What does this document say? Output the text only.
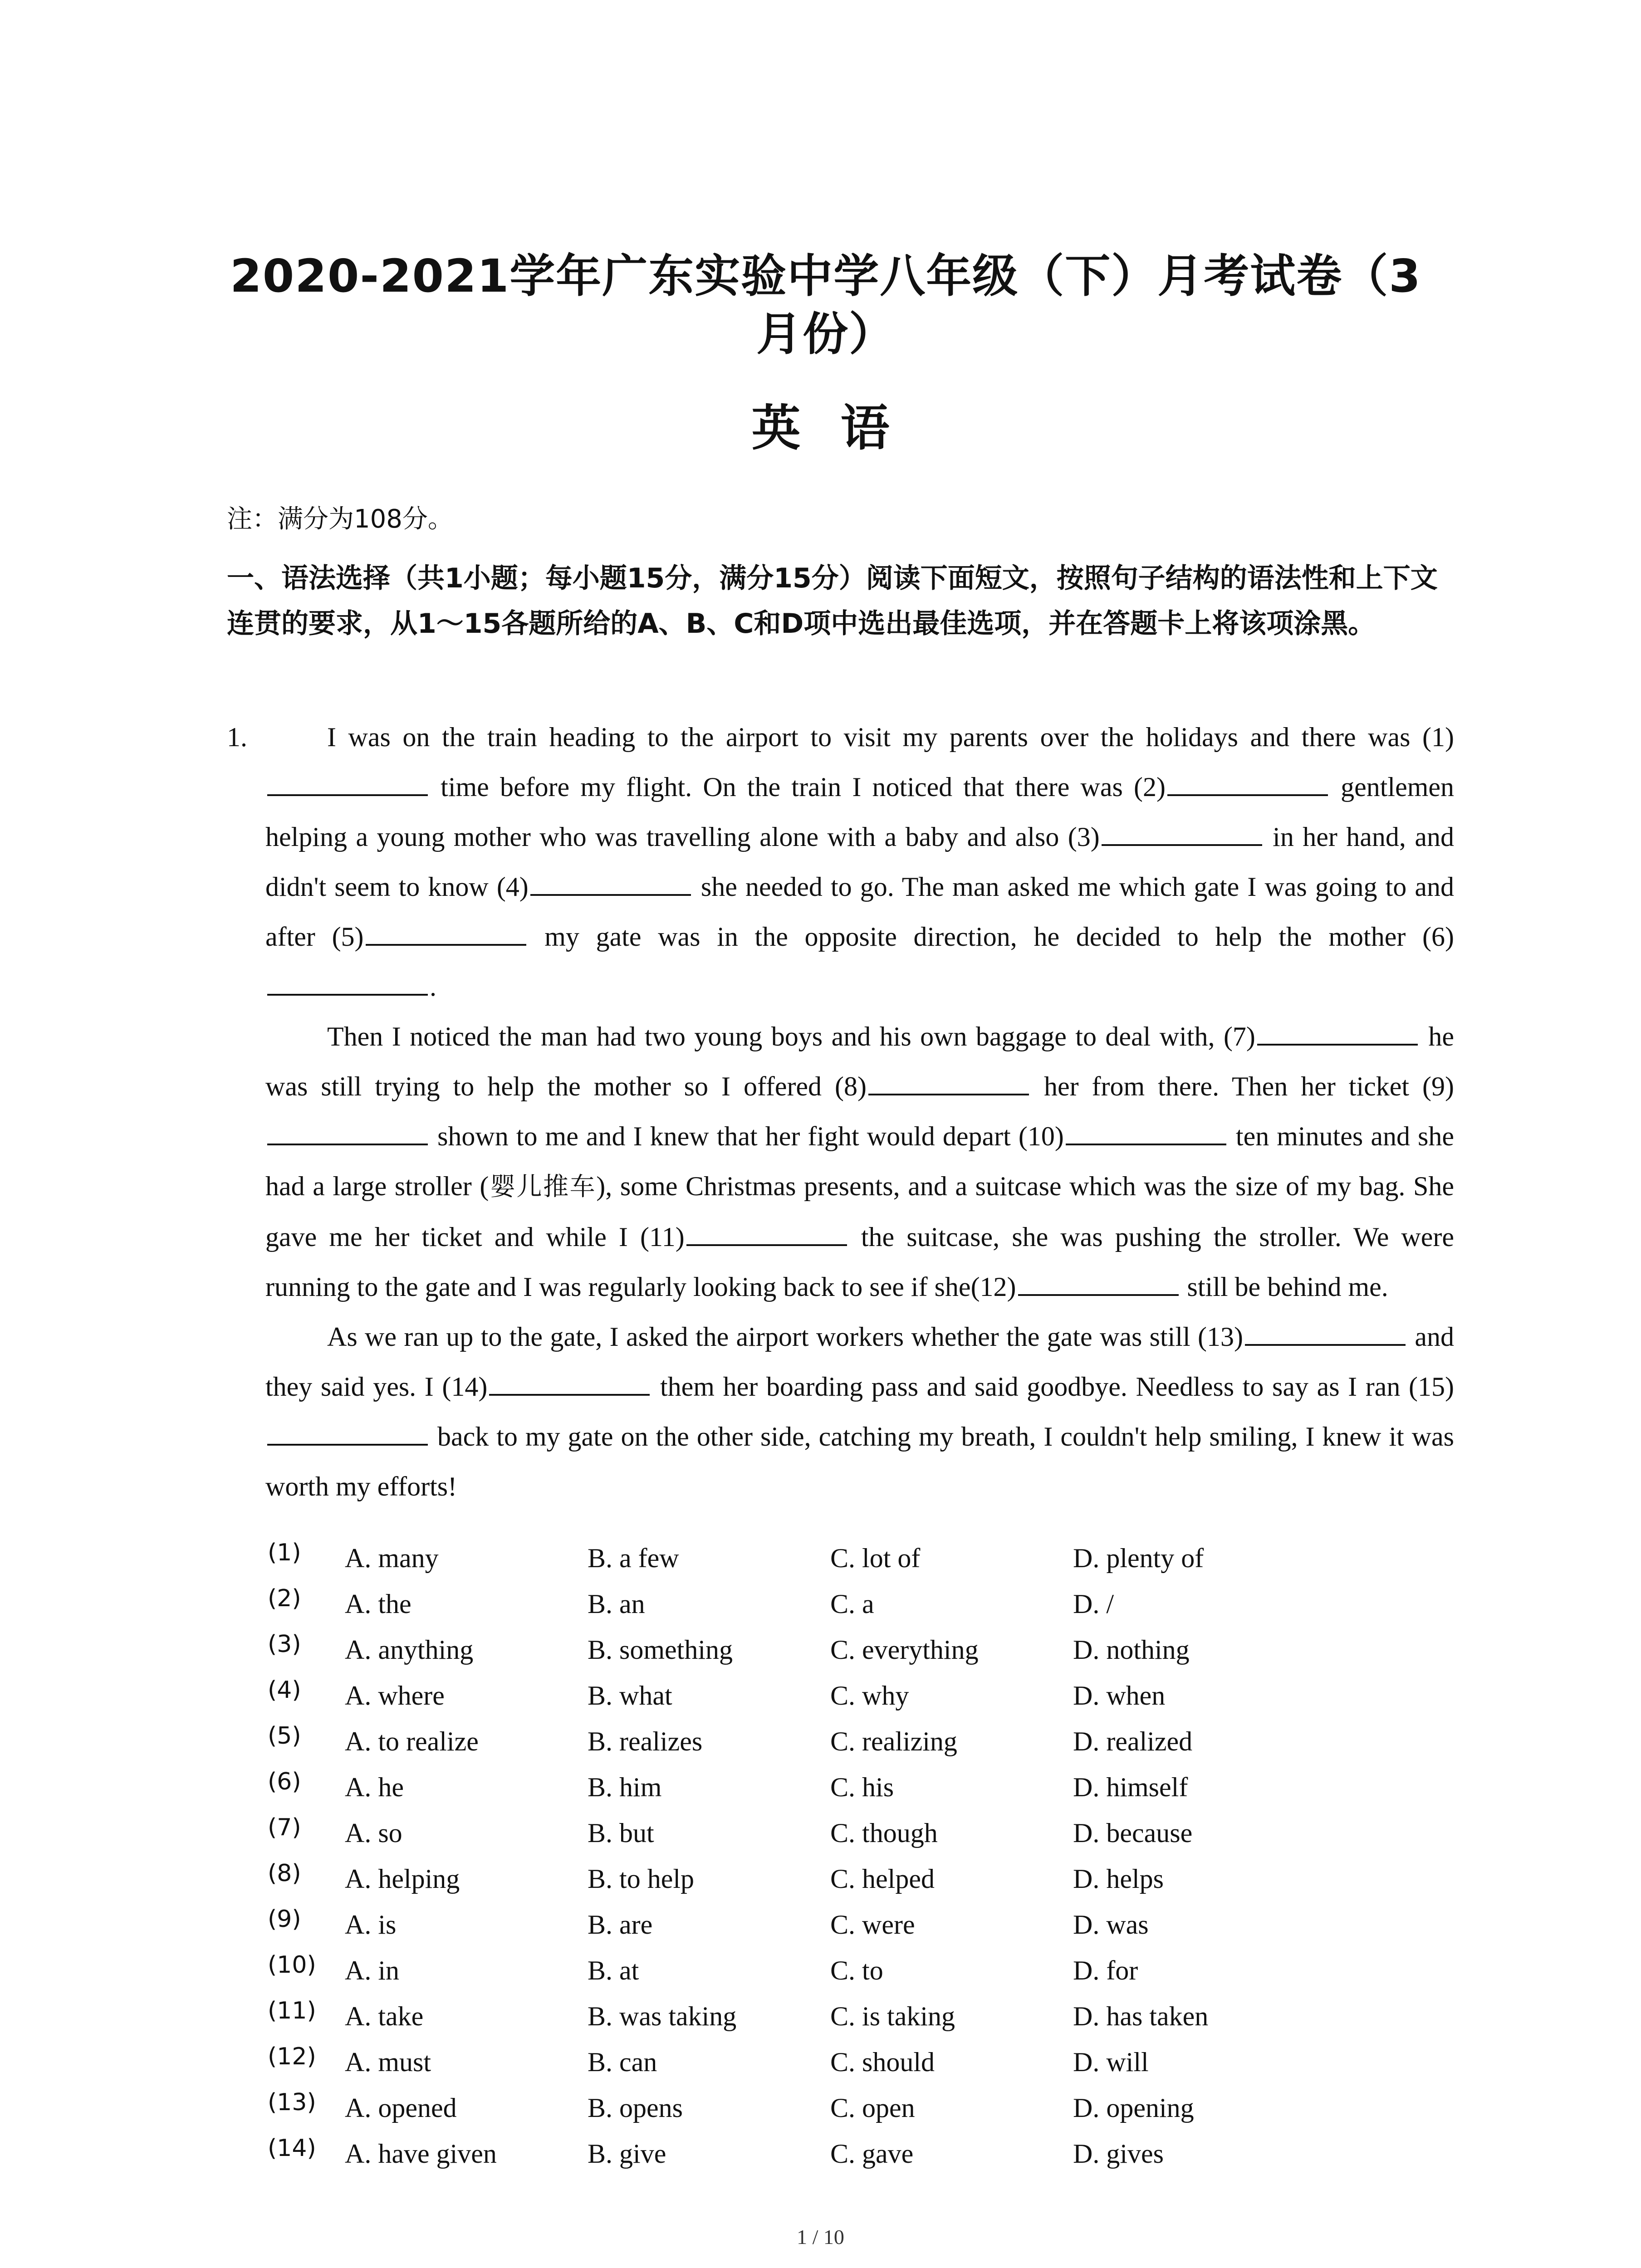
2020-2021学年广东实验中学八年级（下）月考试卷（3月份）
英 语
注：满分为108分。
一、语法选择（共1小题；每小题15分，满分15分）阅读下面短文，按照句子结构的语法性和上下文连贯的要求，从1～15各题所给的A、B、C和D项中选出最佳选项，并在答题卡上将该项涂黑。
1.	I was on the train heading to the airport to visit my parents over the holidays and there was (1) time before my flight. On the train I noticed that there was (2)	gentlemen helping a young mother who was travelling alone with a baby and also (3)	in her hand, and didn't seem to know (4)	she needed to go. The man asked me which gate I was going to and after (5)	my gate was in the opposite direction, he decided to help the mother (6).

Then I noticed the man had two young boys and his own baggage to deal with, (7)	he was still trying to help the mother so I offered (8)	her from there. Then her ticket (9) shown to me and I knew that her fight would depart (10)	ten minutes and she had a large stroller (婴儿推车), some Christmas presents, and a suitcase which was the size of my bag. She gave me her ticket and while I (11)	the suitcase, she was pushing the stroller. We were running to the gate and I was regularly looking back to see if she(12)	still be behind me.

As we ran up to the gate, I asked the airport workers whether the gate was still (13)	and they said yes. I (14)	them her boarding pass and said goodbye. Needless to say as I ran (15) back to my gate on the other side, catching my breath, I couldn't help smiling, I knew it was worth my efforts!

(1) A. many	B. a few	C. lot of	D. plenty of
(2) A. the	B. an	C. a	D. /
(3) A. anything	B. something	C. everything	D. nothing
(4) A. where	B. what	C. why	D. when
(5) A. to realize	B. realizes	C. realizing	D. realized
(6) A. he	B. him	C. his	D. himself
(7) A. so	B. but	C. though	D. because
(8) A. helping	B. to help	C. helped	D. helps
(9) A. is	B. are	C. were	D. was
(10) A. in	B. at	C. to	D. for
(11) A. take	B. was taking	C. is taking	D. has taken
(12) A. must	B. can	C. should	D. will
(13) A. opened	B. opens	C. open	D. opening
(14) A. have given	B. give	C. gave	D. gives
1 / 10
